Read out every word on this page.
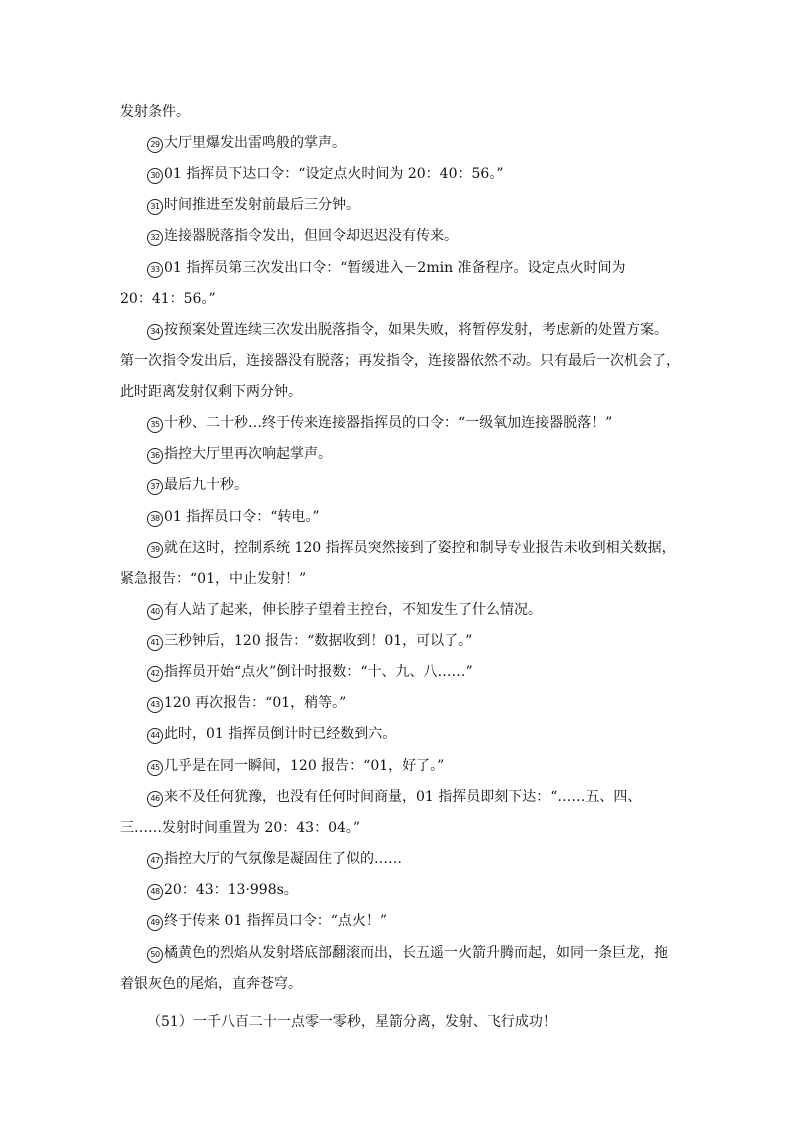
发射条件。

29 大厅里爆发出雷鸣般的掌声。

30 01 指挥员下达口令：“设定点火时间为 20：40：56。”

31 时间推进至发射前最后三分钟。

32 连接器脱落指令发出，但回令却迟迟没有传来。

33 01 指挥员第三次发出口令：“暂缓进入－2min 准备程序。设定点火时间为

20：41：56。”

34 按预案处置连续三次发出脱落指令，如果失败，将暂停发射，考虑新的处置方案。

第一次指令发出后，连接器没有脱落；再发指令，连接器依然不动。只有最后一次机会了，

此时距离发射仅剩下两分钟。

35 十秒、二十秒…终于传来连接器指挥员的口令：“一级氧加连接器脱落！”

36 指控大厅里再次响起掌声。

37 最后九十秒。

38 01 指挥员口令：“转电。”

39 就在这时，控制系统 120 指挥员突然接到了姿控和制导专业报告未收到相关数据，

紧急报告：“01，中止发射！”

40 有人站了起来，伸长脖子望着主控台，不知发生了什么情况。

41 三秒钟后，120 报告：“数据收到！01，可以了。”

42 指挥员开始“点火”倒计时报数：“十、九、八……”

43 120 再次报告：“01，稍等。”

44 此时，01 指挥员倒计时已经数到六。

45 几乎是在同一瞬间，120 报告：“01，好了。”

46 来不及任何犹豫，也没有任何时间商量，01 指挥员即刻下达：“……五、四、

三……发射时间重置为 20：43：04。”

47 指控大厅的气氛像是凝固住了似的……

48 20：43：13·998s。

49 终于传来 01 指挥员口令：“点火！”

50 橘黄色的烈焰从发射塔底部翻滚而出，长五遥一火箭升腾而起，如同一条巨龙，拖

着银灰色的尾焰，直奔苍穹。

（51）一千八百二十一点零一零秒，星箭分离，发射、飞行成功！
